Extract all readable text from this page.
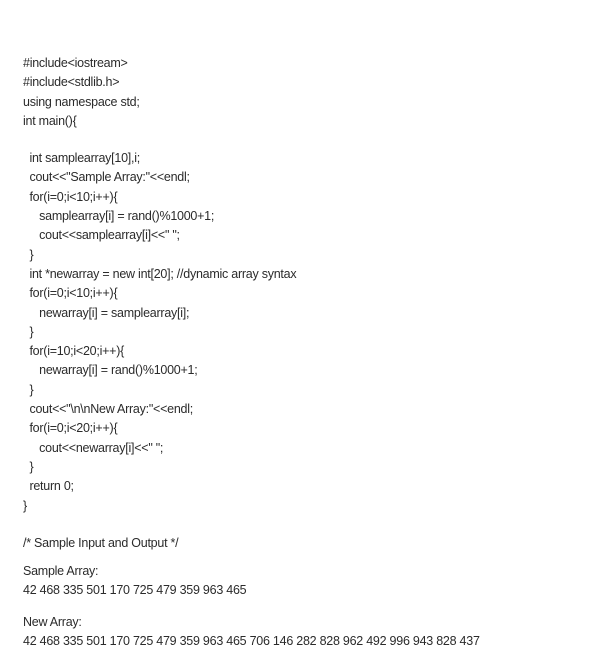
#include<iostream>
#include<stdlib.h>
using namespace std;
int main(){
int samplearray[10],i;
cout<<"Sample Array:"<<endl;
for(i=0;i<10;i++){
samplearray[i] = rand()%1000+1;
cout<<samplearray[i]<<" ";
}
int *newarray = new int[20]; //dynamic array syntax
for(i=0;i<10;i++){
newarray[i] = samplearray[i];
}
for(i=10;i<20;i++){
newarray[i] = rand()%1000+1;
}
cout<<"\n\nNew Array:"<<endl;
for(i=0;i<20;i++){
cout<<newarray[i]<<" ";
}
return 0;
}
/* Sample Input and Output */
Sample Array:
42 468 335 501 170 725 479 359 963 465
New Array:
42 468 335 501 170 725 479 359 963 465 706 146 282 828 962 492 996 943 828 437
